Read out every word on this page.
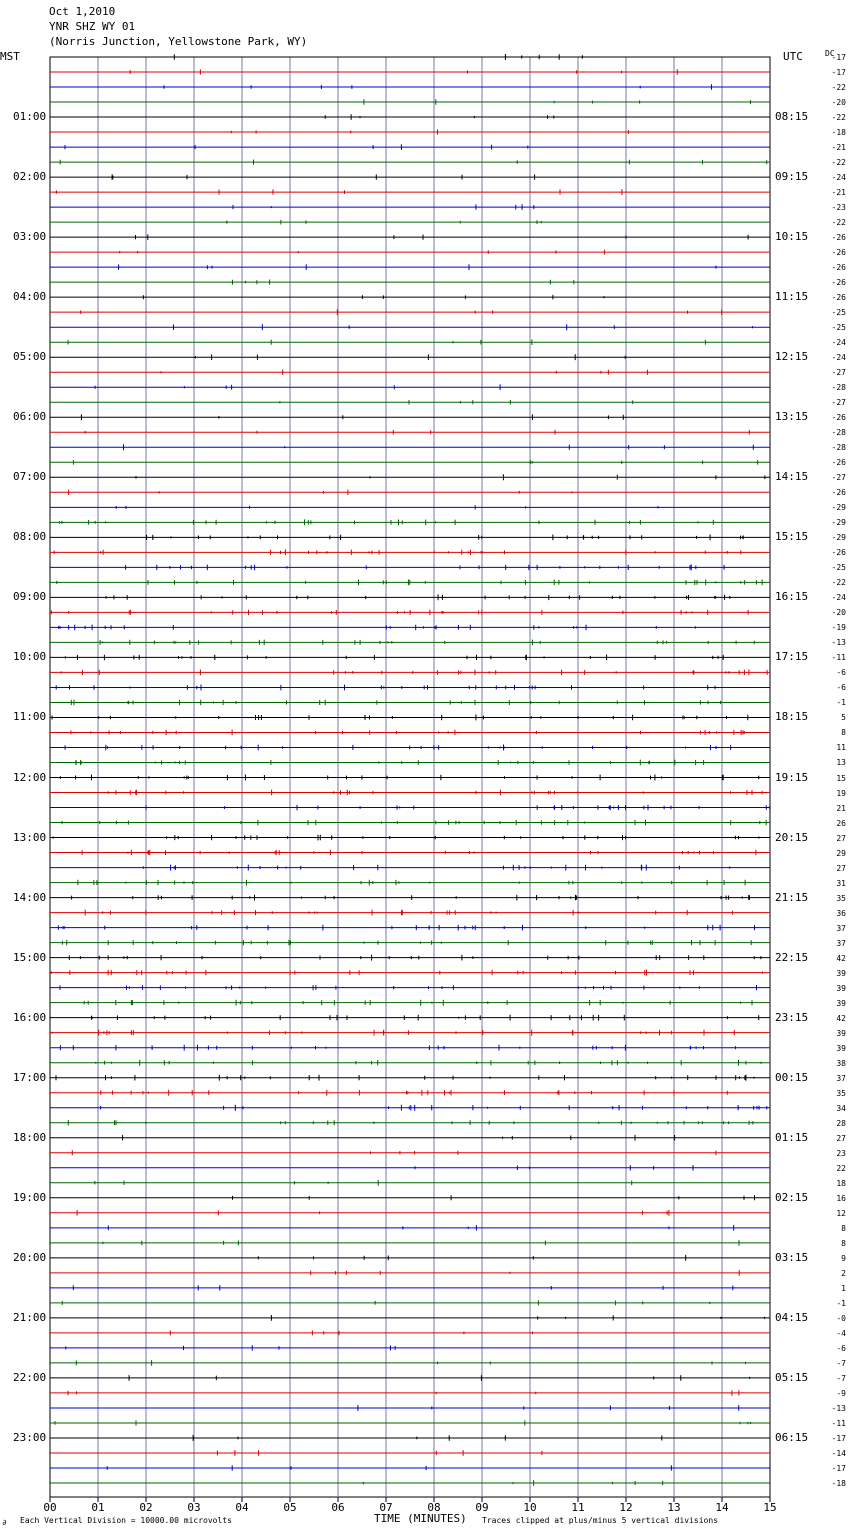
Oct 1,2010
YNR SHZ WY 01
(Norris Junction, Yellowstone Park, WY)
MST	UTC	DC
00	01	02	03	04	05	06	07	08	09	10	11	12	13	14	15
01:00	08:15
02:00	09:15
03:00	10:15
04:00	11:15
05:00	12:15
06:00	13:15
07:00	14:15
08:00	15:15
09:00	16:15
10:00	17:15
11:00	18:15
12:00	19:15
13:00	20:15
14:00	21:15
15:00	22:15
16:00	23:15
17:00	00:15
18:00	01:15
19:00	02:15
20:00	03:15
21:00	04:15
22:00	05:15
23:00	06:15
-17
-17
-22
-20
-22
-18
-21
-22
-24
-21
-23
-22
-26
-26
-26
-26
-26
-25
-25
-24
-24
-27
-28
-27
-26
-28
-28
-26
-27
-26
-29
-29
-29
-26
-25
-22
-24
-20
-19
-13
-11
-6
-6
-1
5
8
11
13
15
19
21
26
27
29
27
31
35
36
37
37
42
39
39
39
42
39
39
38
37
35
34
28
27
23
22
18
16
12
8
8
9
2
1
-1
-0
-4
-6
-7
-7
-9
-13
-11
-17
-14
-17
-18
∂ Each Vertical Division = 10000.00 microvolts	TIME (MINUTES) Traces clipped at plus/minus 5 vertical divisions
